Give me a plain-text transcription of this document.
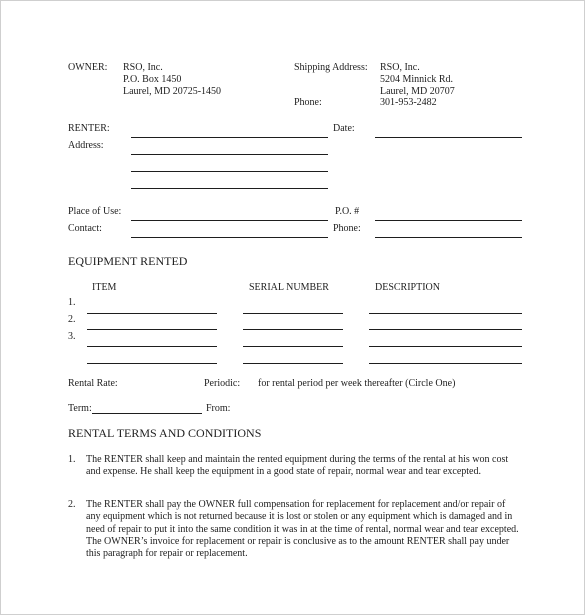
OWNER: RSO, Inc.
P.O. Box 1450
Laurel, MD 20725-1450
Shipping Address: RSO, Inc.
5204 Minnick Rd.
Laurel, MD 20707
Phone:	301-953-2482
RENTER:	Date:
Address:
Place of Use:	P.O. #
Contact:	Phone:
EQUIPMENT RENTED
ITEM	SERIAL NUMBER	DESCRIPTION
1.
2.
3.
Rental Rate:	Periodic: for rental period per week thereafter (Circle One)
Term:	From:
RENTAL TERMS AND CONDITIONS
1. The RENTER shall keep and maintain the rented equipment during the terms of the rental at his won cost and expense. He shall keep the equipment in a good state of repair, normal wear and tear excepted.
2. The RENTER shall pay the OWNER full compensation for replacement for replacement and/or repair of any equipment which is not returned because it is lost or stolen or any equipment which is damaged and in need of repair to put it into the same condition it was in at the time of rental, normal wear and tear excepted. The OWNER’s invoice for replacement or repair is conclusive as to the amount RENTER shall pay under this paragraph for repair or replacement.
